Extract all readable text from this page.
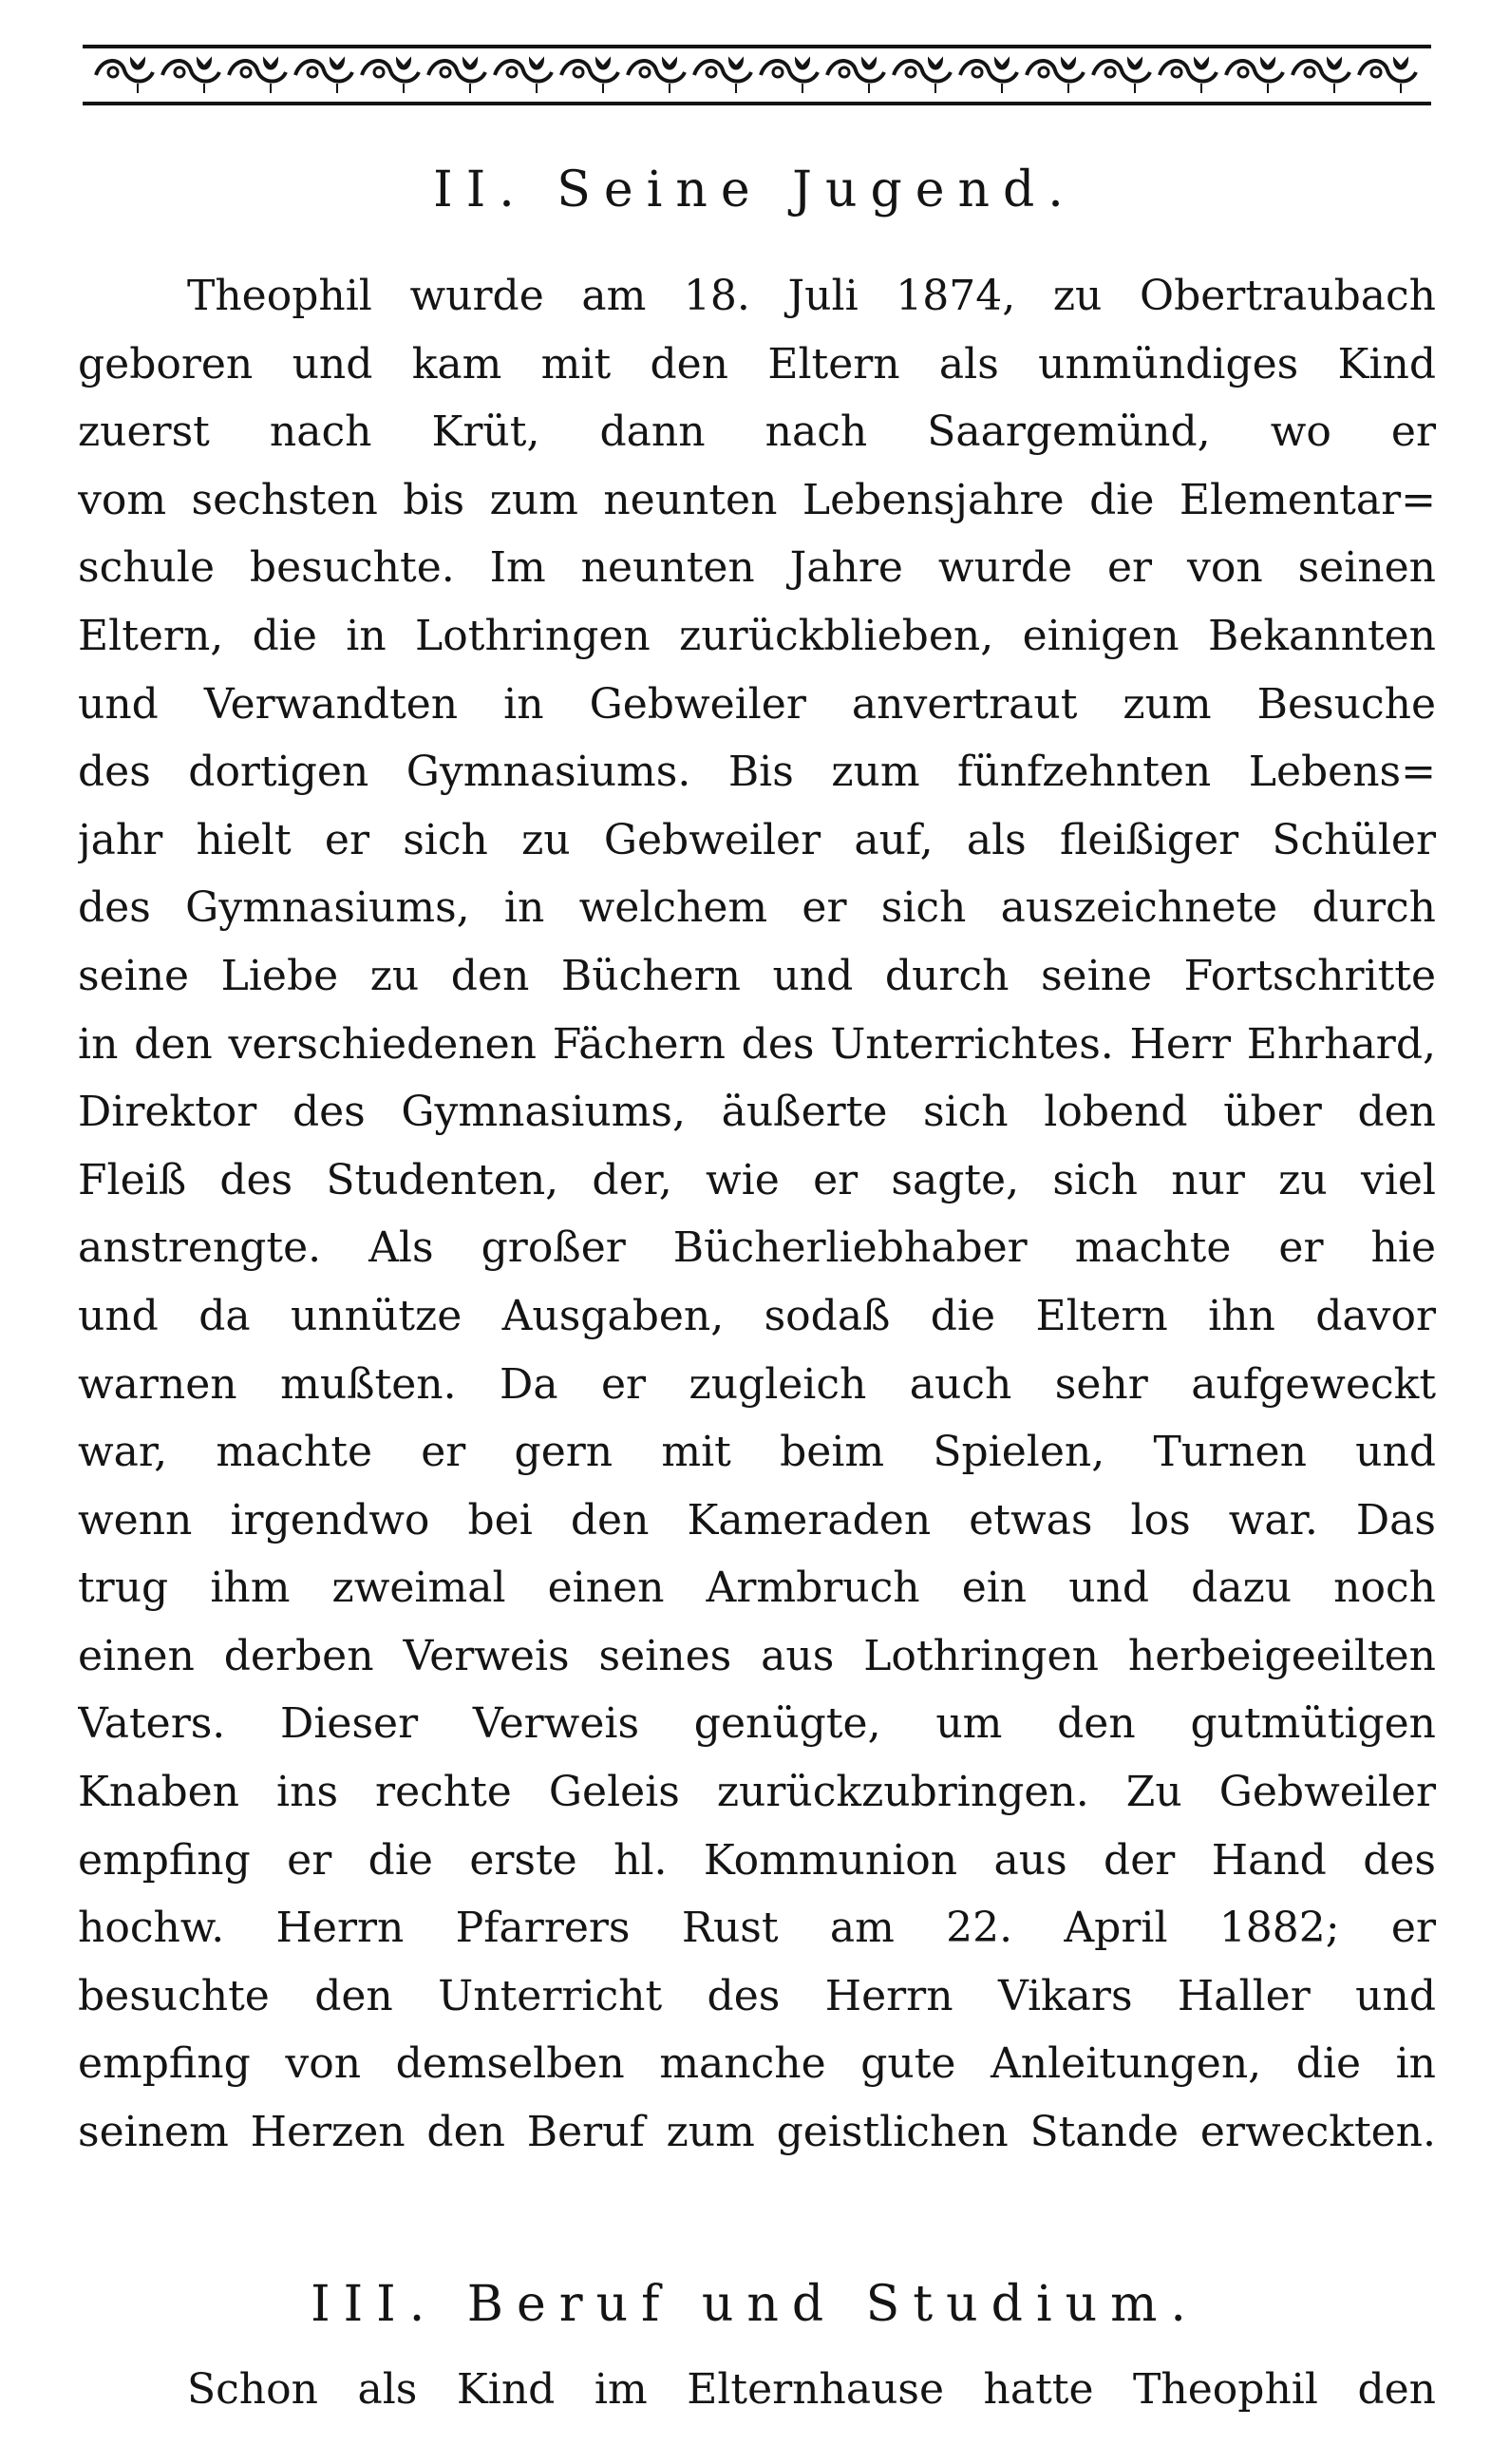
II. Seine Jugend.
Theophil wurde am 18. Juli 1874, zu Obertraubach
geboren und kam mit den Eltern als unmündiges Kind
zuerst nach Krüt, dann nach Saargemünd, wo er
vom sechsten bis zum neunten Lebensjahre die Elementar=
schule besuchte. Im neunten Jahre wurde er von seinen
Eltern, die in Lothringen zurückblieben, einigen Bekannten
und Verwandten in Gebweiler anvertraut zum Besuche
des dortigen Gymnasiums. Bis zum fünfzehnten Lebens=
jahr hielt er sich zu Gebweiler auf, als fleißiger Schüler
des Gymnasiums, in welchem er sich auszeichnete durch
seine Liebe zu den Büchern und durch seine Fortschritte
in den verschiedenen Fächern des Unterrichtes. Herr Ehrhard,
Direktor des Gymnasiums, äußerte sich lobend über den
Fleiß des Studenten, der, wie er sagte, sich nur zu viel
anstrengte. Als großer Bücherliebhaber machte er hie
und da unnütze Ausgaben, sodaß die Eltern ihn davor
warnen mußten. Da er zugleich auch sehr aufgeweckt
war, machte er gern mit beim Spielen, Turnen und
wenn irgendwo bei den Kameraden etwas los war. Das
trug ihm zweimal einen Armbruch ein und dazu noch
einen derben Verweis seines aus Lothringen herbeigeeilten
Vaters. Dieser Verweis genügte, um den gutmütigen
Knaben ins rechte Geleis zurückzubringen. Zu Gebweiler
empfing er die erste hl. Kommunion aus der Hand des
hochw. Herrn Pfarrers Rust am 22. April 1882; er
besuchte den Unterricht des Herrn Vikars Haller und
empfing von demselben manche gute Anleitungen, die in
seinem Herzen den Beruf zum geistlichen Stande erweckten.
III. Beruf und Studium.
Schon als Kind im Elternhause hatte Theophil den
